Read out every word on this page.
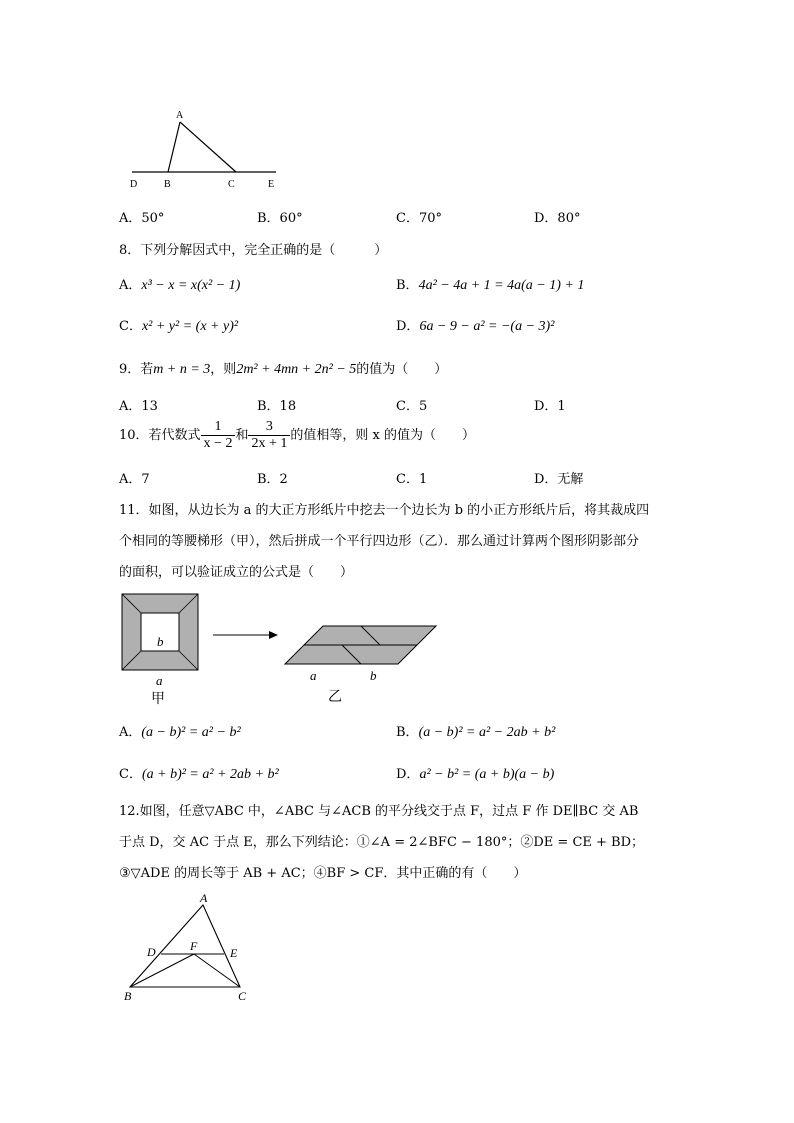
A
D	B	C	E
A．50°	B．60°	C．70°	D．80°
8．下列分解因式中，完全正确的是（　　　）
A．x³ − x = x(x² − 1)	B．4a² − 4a + 1 = 4a(a − 1) + 1
C．x² + y² = (x + y)²	D．6a − 9 − a² = −(a − 3)²
9．若m + n = 3，则2m² + 4mn + 2n² − 5的值为（　　）
A．13	B．18	C．5	D．1
10．若代数式 $\frac{1}{x - 2}$ 和 $\frac{3}{2x + 1}$ 的值相等，则 x 的值为（　　）
A．7	B．2	C．1	D．无解
11．如图，从边长为 a 的大正方形纸片中挖去一个边长为 b 的小正方形纸片后，将其裁成四
个相同的等腰梯形（甲），然后拼成一个平行四边形（乙）．那么通过计算两个图形阴影部分
的面积，可以验证成立的公式是（　　）
b
a
甲
a	b
乙
A．(a − b)² = a² − b²	B．(a − b)² = a² − 2ab + b²
C．(a + b)² = a² + 2ab + b²	D．a² − b² = (a + b)(a − b)
12.如图，任意▽ABC 中，∠ABC 与∠ACB 的平分线交于点 F，过点 F 作 DE∥BC 交 AB
于点 D，交 AC 于点 E，那么下列结论：①∠A = 2∠BFC − 180°；②DE = CE + BD；
③▽ADE 的周长等于 AB + AC；④BF > CF．其中正确的有（　　）
A
D	F	E
B	C
